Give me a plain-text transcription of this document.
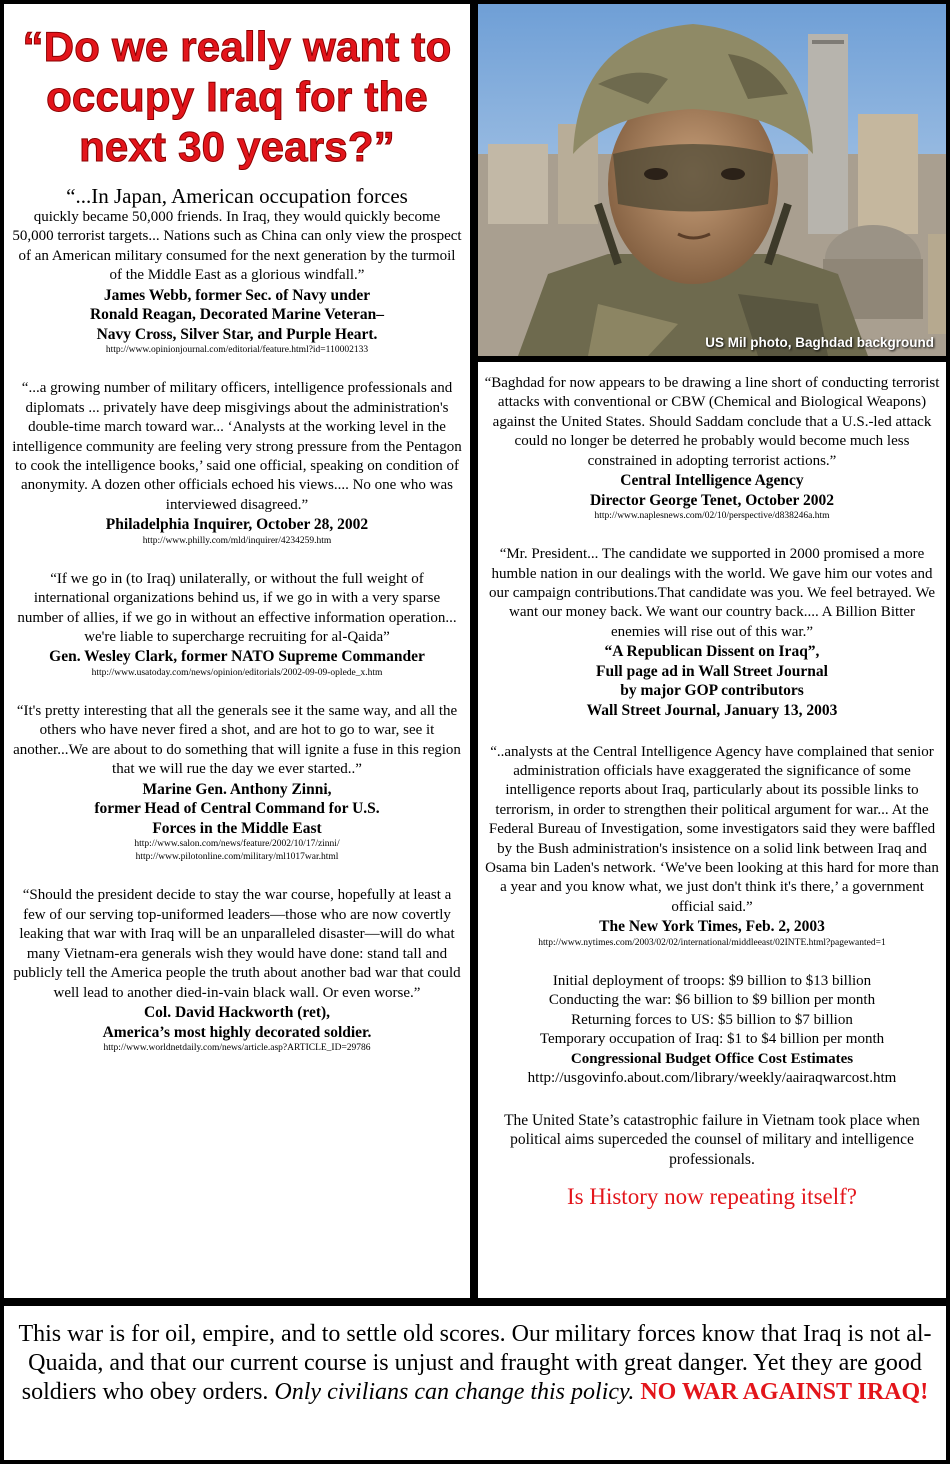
“Do we really want to occupy Iraq for the next 30 years?”

“...In Japan, American occupation forces

quickly became 50,000 friends. In Iraq, they would quickly become 50,000 terrorist targets... Nations such as China can only view the prospect of an American military consumed for the next generation by the turmoil of the Middle East as a glorious windfall.”

James Webb, former Sec. of Navy under

Ronald Reagan, Decorated Marine Veteran–

Navy Cross, Silver Star, and Purple Heart.

http://www.opinionjournal.com/editorial/feature.html?id=110002133

“...a growing number of military officers, intelligence professionals and diplomats ... privately have deep misgivings about the administration's double-time march toward war... ‘Analysts at the working level in the intelligence community are feeling very strong pressure from the Pentagon to cook the intelligence books,’ said one official, speaking on condition of anonymity. A dozen other officials echoed his views.... No one who was interviewed disagreed.”

Philadelphia Inquirer, October 28, 2002

http://www.philly.com/mld/inquirer/4234259.htm

“If we go in (to Iraq) unilaterally, or without the full weight of international organizations behind us, if we go in with a very sparse number of allies, if we go in without an effective information operation... we're liable to supercharge recruiting for al-Qaida”

Gen. Wesley Clark, former NATO Supreme Commander

http://www.usatoday.com/news/opinion/editorials/2002-09-09-oplede_x.htm

“It's pretty interesting that all the generals see it the same way, and all the others who have never fired a shot, and are hot to go to war, see it another...We are about to do something that will ignite a fuse in this region that we will rue the day we ever started..”

Marine Gen. Anthony Zinni,

former Head of Central Command for U.S.

Forces in the Middle East

http://www.salon.com/news/feature/2002/10/17/zinni/

http://www.pilotonline.com/military/ml1017war.html

“Should the president decide to stay the war course, hopefully at least a few of our serving top-uniformed leaders—those who are now covertly leaking that war with Iraq will be an unparalleled disaster—will do what many Vietnam-era generals wish they would have done: stand tall and publicly tell the America people the truth about another bad war that could well lead to another died-in-vain black wall. Or even worse.”

Col. David Hackworth (ret),

America’s most highly decorated soldier.

http://www.worldnetdaily.com/news/article.asp?ARTICLE_ID=29786

US Mil photo, Baghdad background

“Baghdad for now appears to be drawing a line short of conducting terrorist attacks with conventional or CBW (Chemical and Biological Weapons) against the United States. Should Saddam conclude that a U.S.-led attack could no longer be deterred he probably would become much less constrained in adopting terrorist actions.”

Central Intelligence Agency

Director George Tenet, October 2002

http://www.naplesnews.com/02/10/perspective/d838246a.htm

“Mr. President... The candidate we supported in 2000 promised a more humble nation in our dealings with the world. We gave him our votes and our campaign contributions.That candidate was you. We feel betrayed. We want our money back. We want our country back.... A Billion Bitter enemies will rise out of this war.”

“A Republican Dissent on Iraq”,

Full page ad in Wall Street Journal

by major GOP contributors

Wall Street Journal, January 13, 2003

“..analysts at the Central Intelligence Agency have complained that senior administration officials have exaggerated the significance of some intelligence reports about Iraq, particularly about its possible links to terrorism, in order to strengthen their political argument for war... At the Federal Bureau of Investigation, some investigators said they were baffled by the Bush administration's insistence on a solid link between Iraq and Osama bin Laden's network. ‘We've been looking at this hard for more than a year and you know what, we just don't think it's there,’ a government official said.”

The New York Times, Feb. 2, 2003

http://www.nytimes.com/2003/02/02/international/middleeast/02INTE.html?pagewanted=1

Initial deployment of troops: $9 billion to $13 billion

Conducting the war: $6 billion to $9 billion per month

Returning forces to US: $5 billion to $7 billion

Temporary occupation of Iraq: $1 to $4 billion per month

Congressional Budget Office Cost Estimates

http://usgovinfo.about.com/library/weekly/aairaqwarcost.htm

The United State’s catastrophic failure in Vietnam took place when political aims superceded the counsel of military and intelligence professionals.

Is History now repeating itself?

This war is for oil, empire, and to settle old scores. Our military forces know that Iraq is not al-Quaida, and that our current course is unjust and fraught with great danger. Yet they are good soldiers who obey orders. Only civilians can change this policy. NO WAR AGAINST IRAQ!
